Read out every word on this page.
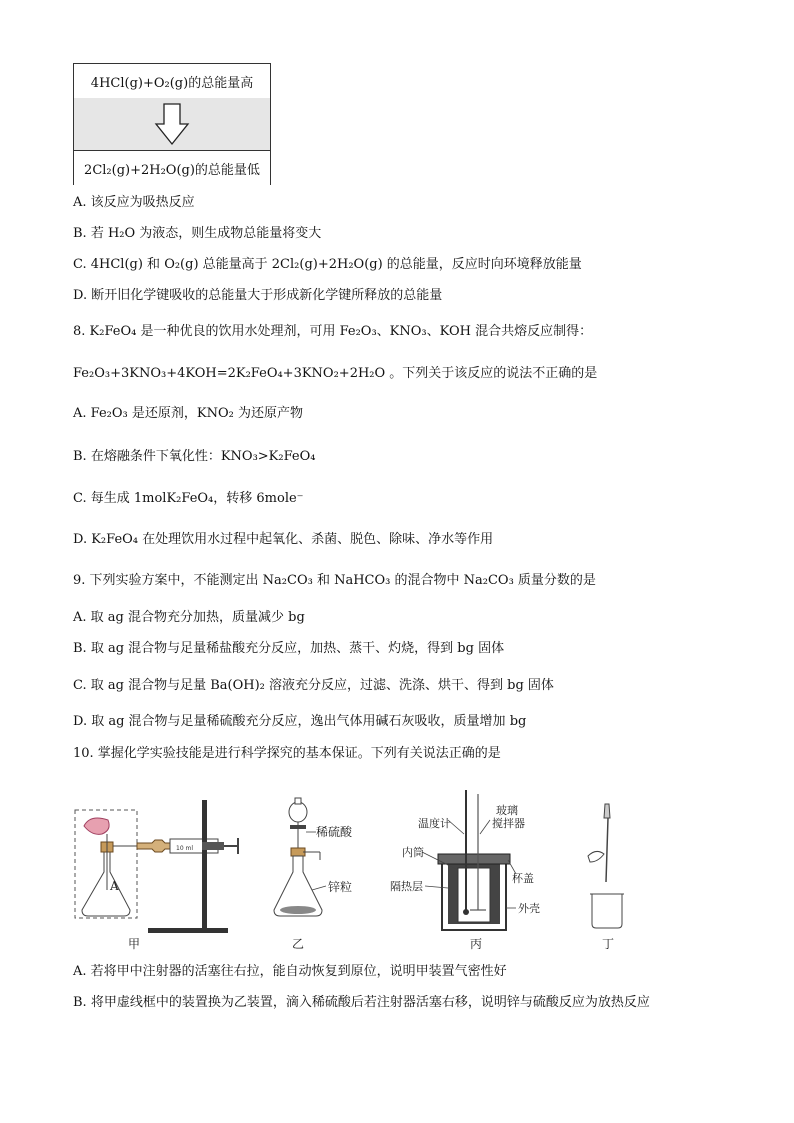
4HCl(g)+O₂(g)的总能量高
2Cl₂(g)+2H₂O(g)的总能量低
A. 该反应为吸热反应
B. 若 H₂O 为液态，则生成物总能量将变大
C. 4HCl(g) 和 O₂(g) 总能量高于 2Cl₂(g)+2H₂O(g) 的总能量，反应时向环境释放能量
D. 断开旧化学键吸收的总能量大于形成新化学键所释放的总能量
8. K₂FeO₄ 是一种优良的饮用水处理剂，可用 Fe₂O₃、KNO₃、KOH 混合共熔反应制得：
Fe₂O₃+3KNO₃+4KOH=2K₂FeO₄+3KNO₂+2H₂O 。下列关于该反应的说法不正确的是
A. Fe₂O₃ 是还原剂，KNO₂ 为还原产物
B. 在熔融条件下氧化性：KNO₃>K₂FeO₄
C. 每生成 1molK₂FeO₄，转移 6mole⁻
D. K₂FeO₄ 在处理饮用水过程中起氧化、杀菌、脱色、除味、净水等作用
9. 下列实验方案中，不能测定出 Na₂CO₃ 和 NaHCO₃ 的混合物中 Na₂CO₃ 质量分数的是
A. 取 ag 混合物充分加热，质量减少 bg
B. 取 ag 混合物与足量稀盐酸充分反应，加热、蒸干、灼烧，得到 bg 固体
C. 取 ag 混合物与足量 Ba(OH)₂ 溶液充分反应，过滤、洗涤、烘干、得到 bg 固体
D. 取 ag 混合物与足量稀硫酸充分反应，逸出气体用碱石灰吸收，质量增加 bg
10. 掌握化学实验技能是进行科学探究的基本保证。下列有关说法正确的是
10 ml
A
稀硫酸
锌粒
温度计
玻璃
搅拌器
内筒
杯盖
隔热层
外壳
甲	乙	丙	丁
A. 若将甲中注射器的活塞往右拉，能自动恢复到原位，说明甲装置气密性好
B. 将甲虚线框中的装置换为乙装置，滴入稀硫酸后若注射器活塞右移，说明锌与硫酸反应为放热反应
